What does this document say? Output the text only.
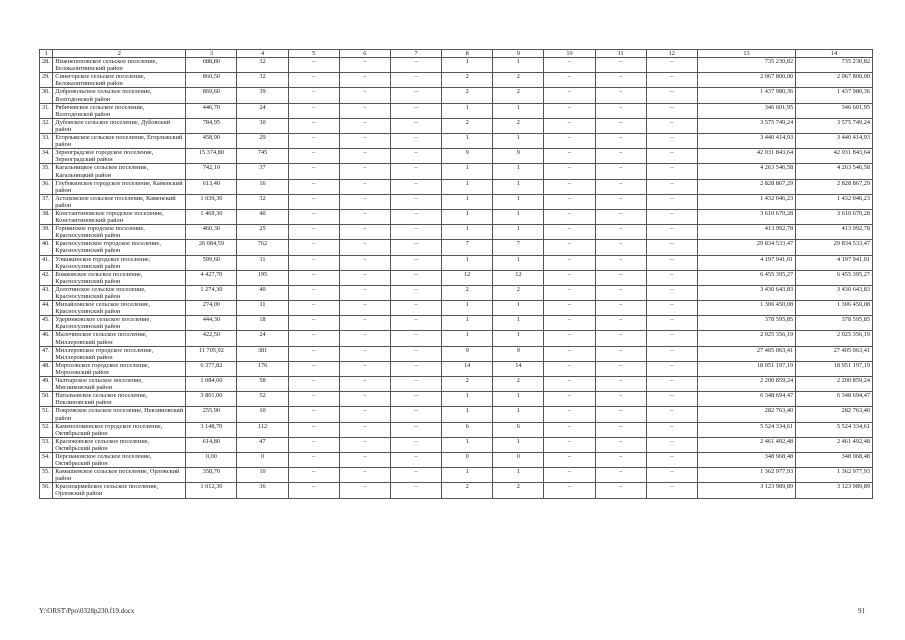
1	2	3	4	5	6	7	8	9	10	11	12	13	14
28.	Нижнепоповское сельское поселение, Белокалитвинский район	688,80	32	–	–	–	1	1	–	–	–	735 230,82	735 230,82
29.	Синегорское сельское поселение, Белокалитвинский район	860,50	32	–	–	–	2	2	–	–	–	2 067 800,00	2 067 800,00
30.	Добровольское сельское поселение, Волгодонской район	869,60	39	–	–	–	2	2	–	–	–	1 437 980,36	1 437 980,36
31.	Рябичевское сельское поселение, Волгодонской район	446,70	24	–	–	–	1	1	–	–	–	346 601,95	346 601,95
32.	Дубовское сельское поселение, Дубовский район	784,95	30	–	–	–	2	2	–	–	–	3 575 749,24	3 575 749,24
33.	Егорлыкское сельское поселение, Егорлыкский район	458,90	29	–	–	–	1	1	–	–	–	3 440 414,93	3 440 414,93
34.	Зерноградское городское поселение, Зерноградский район	15 374,80	745	–	–	–	9	9	–	–	–	42 031 843,64	42 031 843,64
35.	Кагальницкое сельское поселение, Кагальницкий район	742,10	37	–	–	–	1	1	–	–	–	4 263 546,58	4 263 546,58
36.	Глубокинское городское поселение, Каменский район	613,40	16	–	–	–	1	1	–	–	–	2 828 867,29	2 828 867,29
37.	Астаховское сельское поселение, Каменский район	1 039,30	32	–	–	–	1	1	–	–	–	1 432 046,23	1 432 046,23
38.	Константиновское городское поселение, Константиновский район	1 469,30	40	–	–	–	1	1	–	–	–	3 610 670,28	3 610 670,28
39.	Горнянское городское поселение, Красносулинский район	460,30	25	–	–	–	1	1	–	–	–	413 992,78	413 992,78
40.	Красносулинское городское поселение, Красносулинский район	26 084,59	762	–	–	–	7	7	–	–	–	29 834 533,47	29 834 533,47
41.	Уляшкинское городское поселение, Красносулинский район	599,60	11	–	–	–	1	1	–	–	–	4 197 941,01	4 197 941,01
42.	Божковское сельское поселение, Красносулинский район	4 427,70	195	–	–	–	12	12	–	–	–	6 455 395,27	6 455 395,27
43.	Долотинское сельское поселение, Красносулинский район	1 274,30	40	–	–	–	2	2	–	–	–	3 430 643,83	3 430 643,83
44.	Михайловское сельское поселение, Красносулинский район	274,00	11	–	–	–	1	1	–	–	–	1 306 450,08	1 306 450,08
45.	Удеринковское сельское поселение, Красносулинский район	444,30	18	–	–	–	1	1	–	–	–	378 595,85	378 595,85
46.	Малочинское сельское поселение, Миллеровский район	422,50	24	–	–	–	1	1	–	–	–	2 025 356,19	2 025 356,19
47.	Миллеровское городское поселение, Миллеровский район	11 705,92	381	–	–	–	9	9	–	–	–	27 405 063,41	27 405 063,41
48.	Морозовское городское поселение, Морозовский район	6 377,82	176	–	–	–	14	14	–	–	–	18 951 197,19	18 951 197,19
49.	Чалтырское сельское поселение, Мясниковский район	1 084,60	58	–	–	–	2	2	–	–	–	2 200 859,24	2 200 859,24
50.	Натальевское сельское поселение, Неклиновский район	3 801,00	52	–	–	–	1	1	–	–	–	6 348 694,47	6 348 694,47
51.	Покровское сельское поселение, Неклиновский район	255,90	10	–	–	–	1	1	–	–	–	282 763,40	282 763,40
52.	Каменоломенское городское поселение, Октябрьский район	3 148,70	112	–	–	–	6	6	–	–	–	5 524 334,61	5 524 334,61
53.	Красюковское сельское поселение, Октябрьский район	614,80	47	–	–	–	1	1	–	–	–	2 461 492,48	2 461 492,48
54.	Персиановское сельское поселение, Октябрьский район	0,00	0	–	–	–	0	0	–	–	–	348 968,48	348 968,48
55.	Камышевское сельское поселение, Орловский район	358,70	10	–	–	–	1	1	–	–	–	1 362 977,93	1 362 977,93
56.	Красноармейское сельское поселение, Орловский район	1 012,30	36	–	–	–	2	2	–	–	–	3 123 989,89	3 123 989,89
Y:\ORST\Ppo\0328p230.f19.docx	91
